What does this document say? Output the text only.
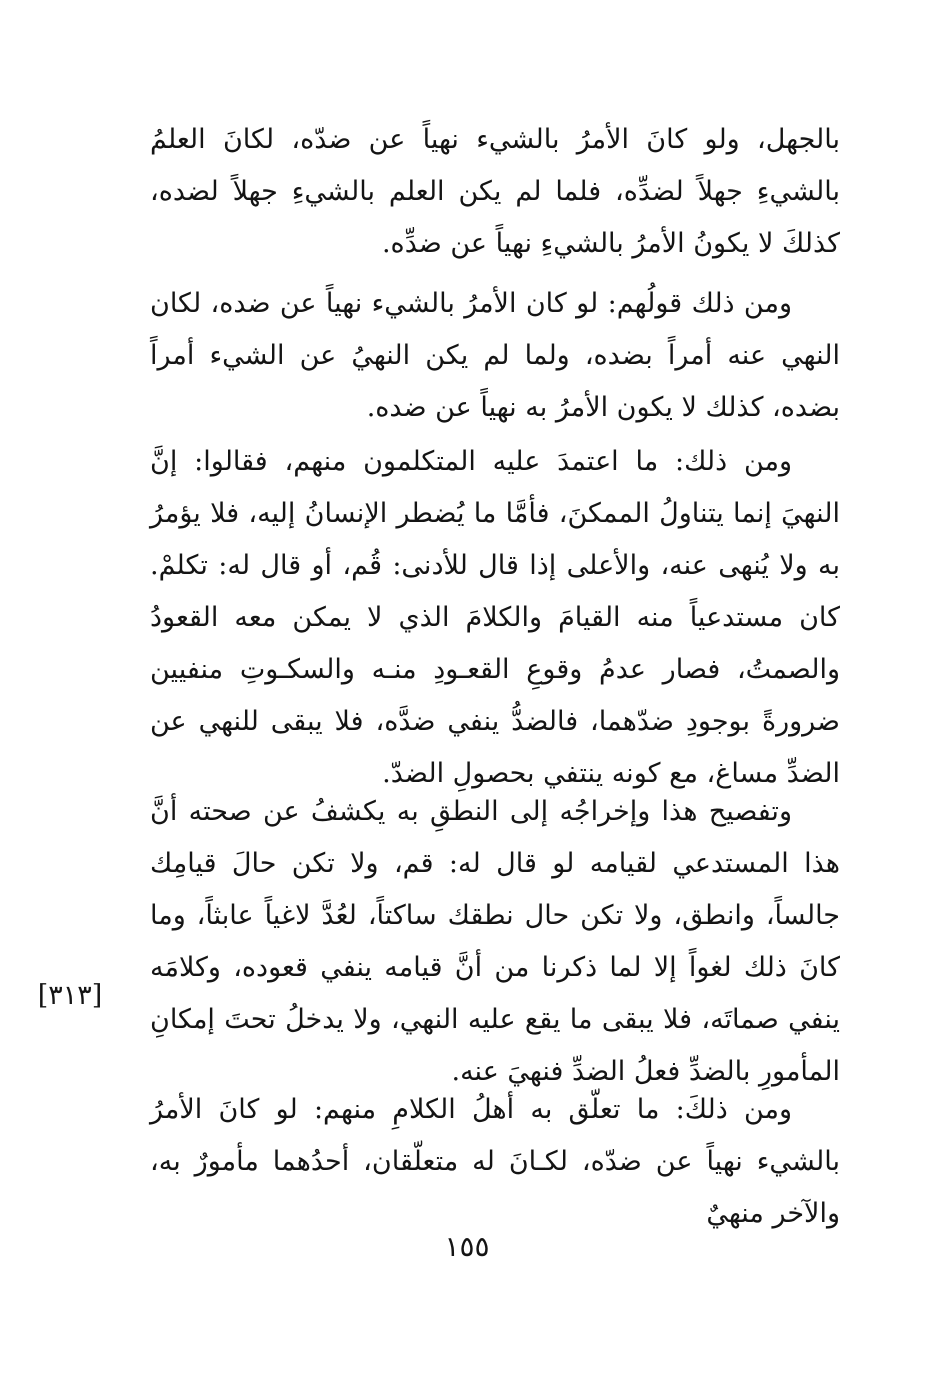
بالجهل، ولو كانَ الأمرُ بالشيء نهياً عن ضدّه، لكانَ العلمُ بالشيءِ جهلاً لضدِّه، فلما لم يكن العلم بالشيءِ جهلاً لضده، كذلكَ لا يكونُ الأمرُ بالشيءِ نهياً عن ضدِّه.

ومن ذلك قولُهم: لو كان الأمرُ بالشيء نهياً عن ضده، لكان النهي عنه أمراً بضده، ولما لم يكن النهيُ عن الشيء أمراً بضده، كذلك لا يكون الأمرُ به نهياً عن ضده.

ومن ذلك: ما اعتمدَ عليه المتكلمون منهم، فقالوا: إنَّ النهيَ إنما يتناولُ الممكنَ، فأمَّا ما يُضطر الإنسانُ إليه، فلا يؤمرُ به ولا يُنهى عنه، والأعلى إذا قال للأدنى: قُم، أو قال له: تكلمْ. كان مستدعياً منه القيامَ والكلامَ الذي لا يمكن معه القعودُ والصمتُ، فصار عدمُ وقوعِ القعـودِ منـه والسكـوتِ منفيين ضرورةً بوجودِ ضدّهما، فالضدُّ ينفي ضدَّه، فلا يبقى للنهي عن الضدِّ مساغ، مع كونه ينتفي بحصولِ الضدّ.

وتفصيح هذا وإخراجُه إلى النطقِ به يكشفُ عن صحته أنَّ هذا المستدعي لقيامه لو قال له: قم، ولا تكن حالَ قيامِك جالساً، وانطق، ولا تكن حال نطقك ساكتاً، لعُدَّ لاغياً عابثاً، وما كانَ ذلك لغواً إلا لما ذكرنا من أنَّ قيامه ينفي قعوده، وكلامَه ينفي صماتَه، فلا يبقى ما يقع عليه النهي، ولا يدخلُ تحتَ إمكانِ المأمورِ بالضدِّ فعلُ الضدِّ فنهيَ عنه.

ومن ذلكَ: ما تعلّق به أهلُ الكلامِ منهم: لو كانَ الأمرُ بالشيء نهياً عن ضدّه، لكـانَ له متعلّقان، أحدُهما مأمورٌ به، والآخر منهيٌ

[٣١٣]
١٥٥
